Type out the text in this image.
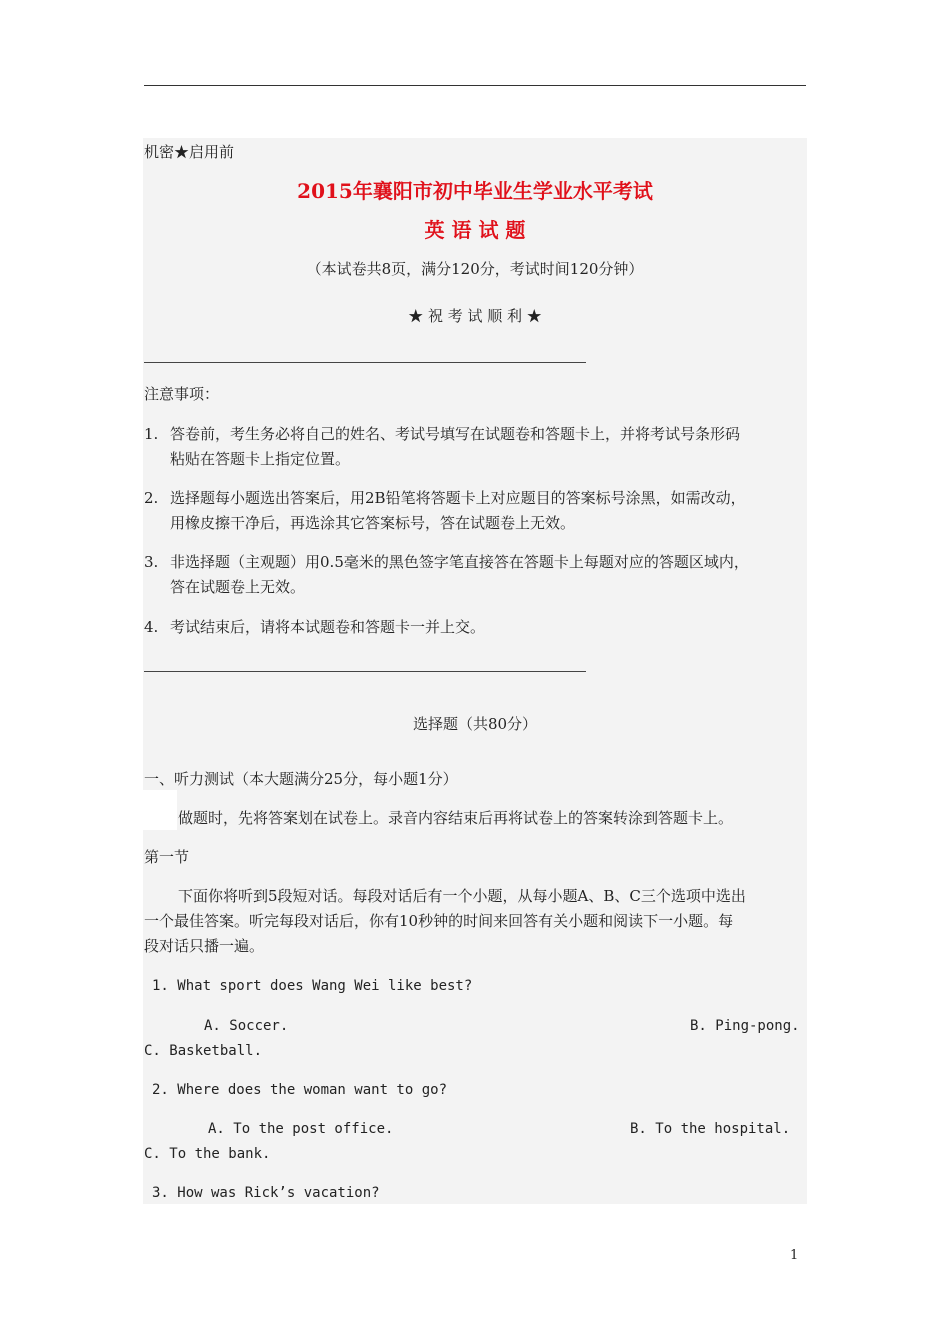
机密★启用前
2015年襄阳市初中毕业生学业水平考试
英 语 试 题
（本试卷共8页，满分120分，考试时间120分钟）
★ 祝 考 试 顺 利 ★
注意事项：
1. 答卷前，考生务必将自己的姓名、考试号填写在试题卷和答题卡上，并将考试号条形码
粘贴在答题卡上指定位置。
2. 选择题每小题选出答案后，用2B铅笔将答题卡上对应题目的答案标号涂黑，如需改动，
用橡皮擦干净后，再选涂其它答案标号，答在试题卷上无效。
3. 非选择题（主观题）用0.5毫米的黑色签字笔直接答在答题卡上每题对应的答题区域内，
答在试题卷上无效。
4. 考试结束后，请将本试题卷和答题卡一并上交。
选择题（共80分）
一、听力测试（本大题满分25分，每小题1分）
做题时，先将答案划在试卷上。录音内容结束后再将试卷上的答案转涂到答题卡上。
第一节
下面你将听到5段短对话。每段对话后有一个小题，从每小题A、B、C三个选项中选出
一个最佳答案。听完每段对话后，你有10秒钟的时间来回答有关小题和阅读下一小题。每
段对话只播一遍。
1. What sport does Wang Wei like best?
A. Soccer.	B. Ping-pong.
C. Basketball.
2. Where does the woman want to go?
A. To the post office.	B. To the hospital.
C. To the bank.
3. How was Rick’s vacation?
1
